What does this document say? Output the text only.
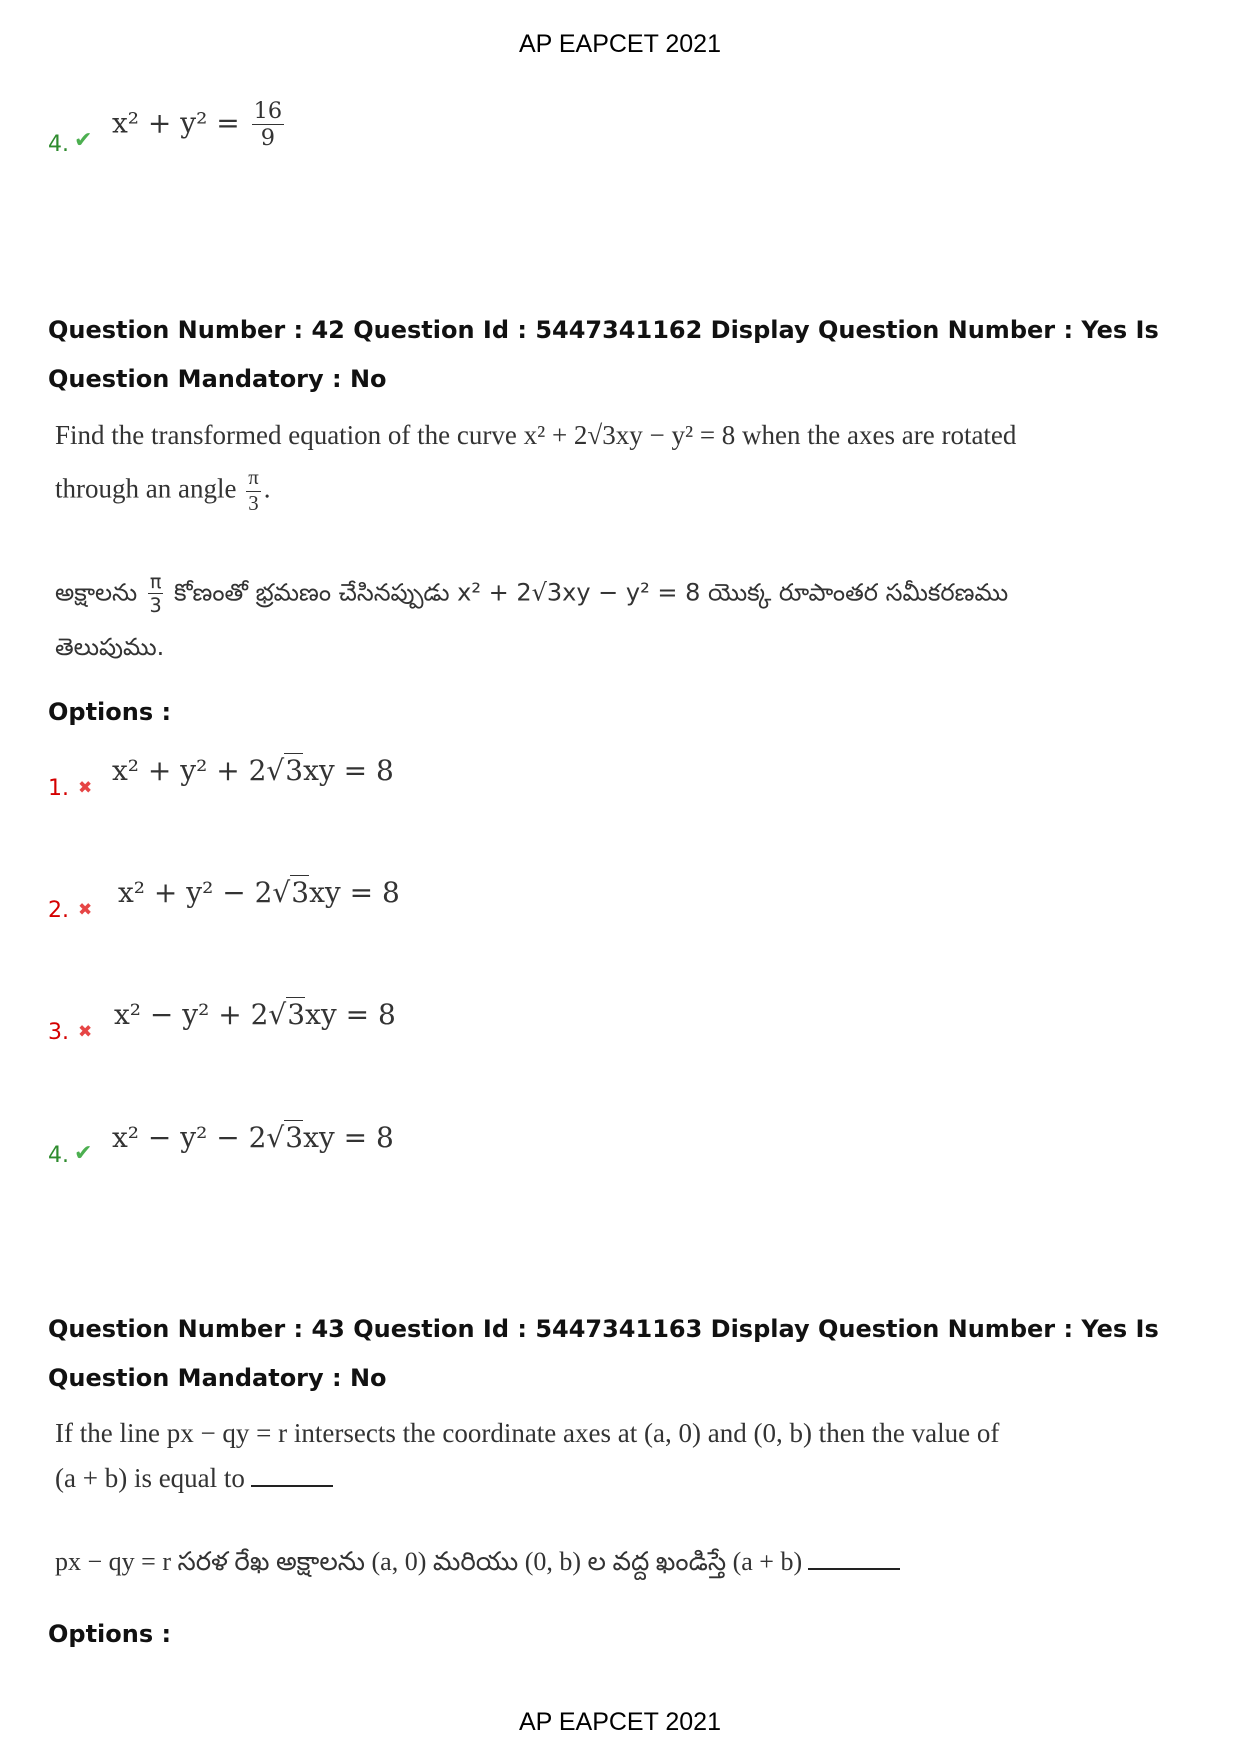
AP EAPCET 2021
4. ✔
$x^2 + y^2 = \frac{16}{9}$
Question Number : 42 Question Id : 5447341162 Display Question Number : Yes Is Question Mandatory : No
Find the transformed equation of the curve x² + 2√3xy − y² = 8 when the axes are rotated
through an angle $\frac{\pi}{3}$ .
అక్షాలను $\frac{\pi}{3}$ కోణంతో భ్రమణం చేసినప్పుడు x² + 2√3xy − y² = 8 యొక్క రూపాంతర సమీకరణము
తెలుపుము.
Options :
1. ✖
x² + y² + 2√3xy = 8
2. ✖
x² + y² − 2√3xy = 8
3. ✖
x² − y² + 2√3xy = 8
4. ✔ x² − y² − 2√3xy = 8
Question Number : 43 Question Id : 5447341163 Display Question Number : Yes Is Question Mandatory : No
If the line px − qy = r intersects the coordinate axes at (a, 0) and (0, b) then the value of
(a + b) is equal to
px − qy = r సరళ రేఖ అక్షాలను (a, 0) మరియు (0, b) ల వద్ద ఖండిస్తే (a + b)
Options :
AP EAPCET 2021
